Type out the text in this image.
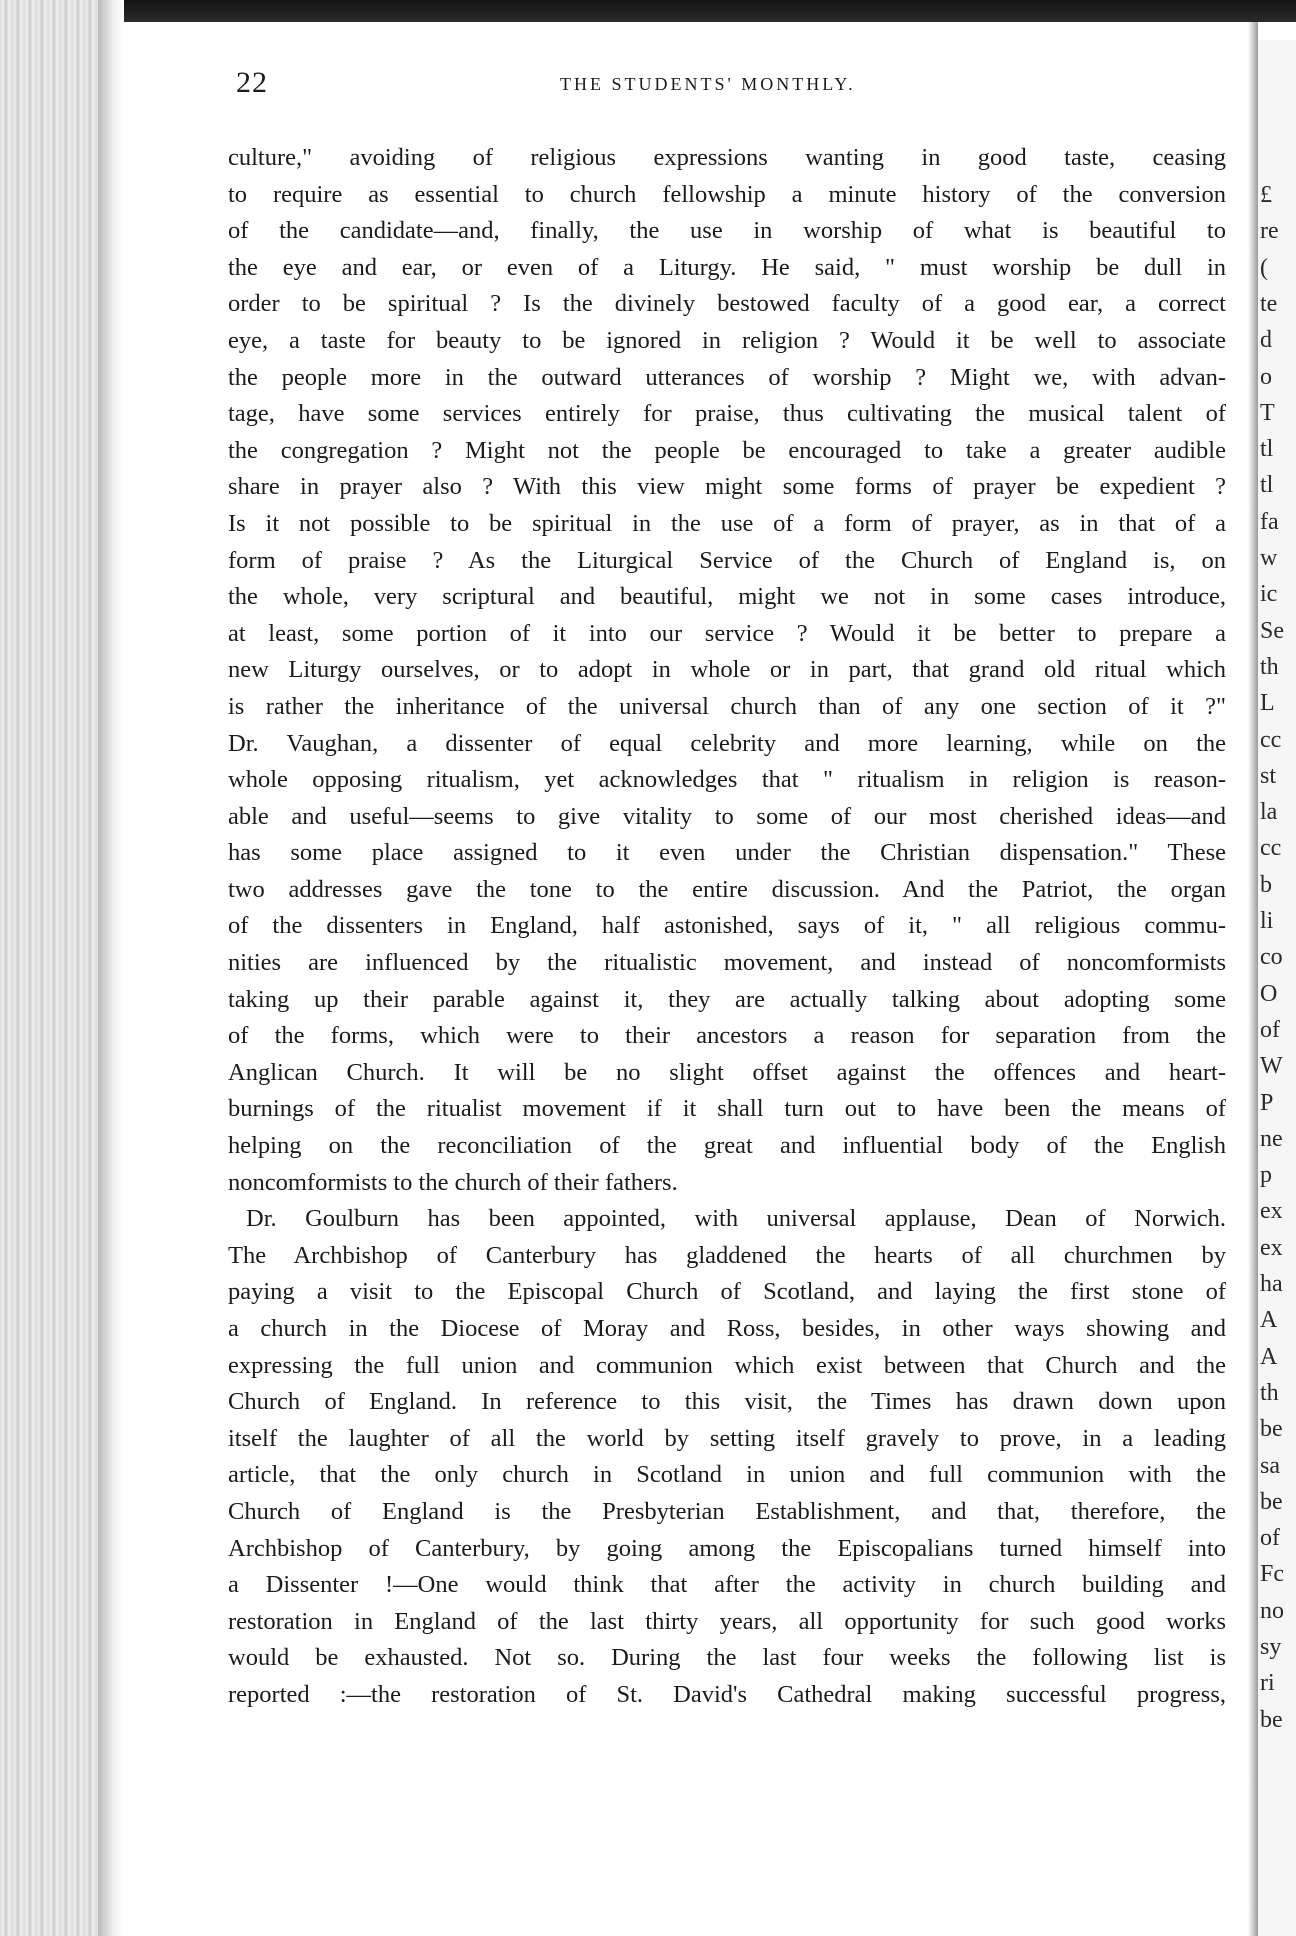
£
re
(
te
d
o
T
tl
tl
fa
w
ic
Se
th
L
cc
st
la
cc
b
li
co
O
of
W
P
ne
p
ex
ex
ha
A
A
th
be
sa
be
of
Fc
no
sy
ri
be
22	THE STUDENTS' MONTHLY.
culture," avoiding of religious expressions wanting in good taste, ceasing
to require as essential to church fellowship a minute history of the conversion
of the candidate—and, finally, the use in worship of what is beautiful to
the eye and ear, or even of a Liturgy. He said, " must worship be dull in
order to be spiritual ? Is the divinely bestowed faculty of a good ear, a correct
eye, a taste for beauty to be ignored in religion ? Would it be well to associate
the people more in the outward utterances of worship ? Might we, with advan-
tage, have some services entirely for praise, thus cultivating the musical talent of
the congregation ? Might not the people be encouraged to take a greater audible
share in prayer also ? With this view might some forms of prayer be expedient ?
Is it not possible to be spiritual in the use of a form of prayer, as in that of a
form of praise ? As the Liturgical Service of the Church of England is, on
the whole, very scriptural and beautiful, might we not in some cases introduce,
at least, some portion of it into our service ? Would it be better to prepare a
new Liturgy ourselves, or to adopt in whole or in part, that grand old ritual which
is rather the inheritance of the universal church than of any one section of it ?"
Dr. Vaughan, a dissenter of equal celebrity and more learning, while on the
whole opposing ritualism, yet acknowledges that " ritualism in religion is reason-
able and useful—seems to give vitality to some of our most cherished ideas—and
has some place assigned to it even under the Christian dispensation." These
two addresses gave the tone to the entire discussion. And the Patriot, the organ
of the dissenters in England, half astonished, says of it, " all religious commu-
nities are influenced by the ritualistic movement, and instead of noncomformists
taking up their parable against it, they are actually talking about adopting some
of the forms, which were to their ancestors a reason for separation from the
Anglican Church. It will be no slight offset against the offences and heart-
burnings of the ritualist movement if it shall turn out to have been the means of
helping on the reconciliation of the great and influential body of the English
noncomformists to the church of their fathers.
Dr. Goulburn has been appointed, with universal applause, Dean of Norwich.
The Archbishop of Canterbury has gladdened the hearts of all churchmen by
paying a visit to the Episcopal Church of Scotland, and laying the first stone of
a church in the Diocese of Moray and Ross, besides, in other ways showing and
expressing the full union and communion which exist between that Church and the
Church of England. In reference to this visit, the Times has drawn down upon
itself the laughter of all the world by setting itself gravely to prove, in a leading
article, that the only church in Scotland in union and full communion with the
Church of England is the Presbyterian Establishment, and that, therefore, the
Archbishop of Canterbury, by going among the Episcopalians turned himself into
a Dissenter !—One would think that after the activity in church building and
restoration in England of the last thirty years, all opportunity for such good works
would be exhausted. Not so. During the last four weeks the following list is
reported :—the restoration of St. David's Cathedral making successful progress,
